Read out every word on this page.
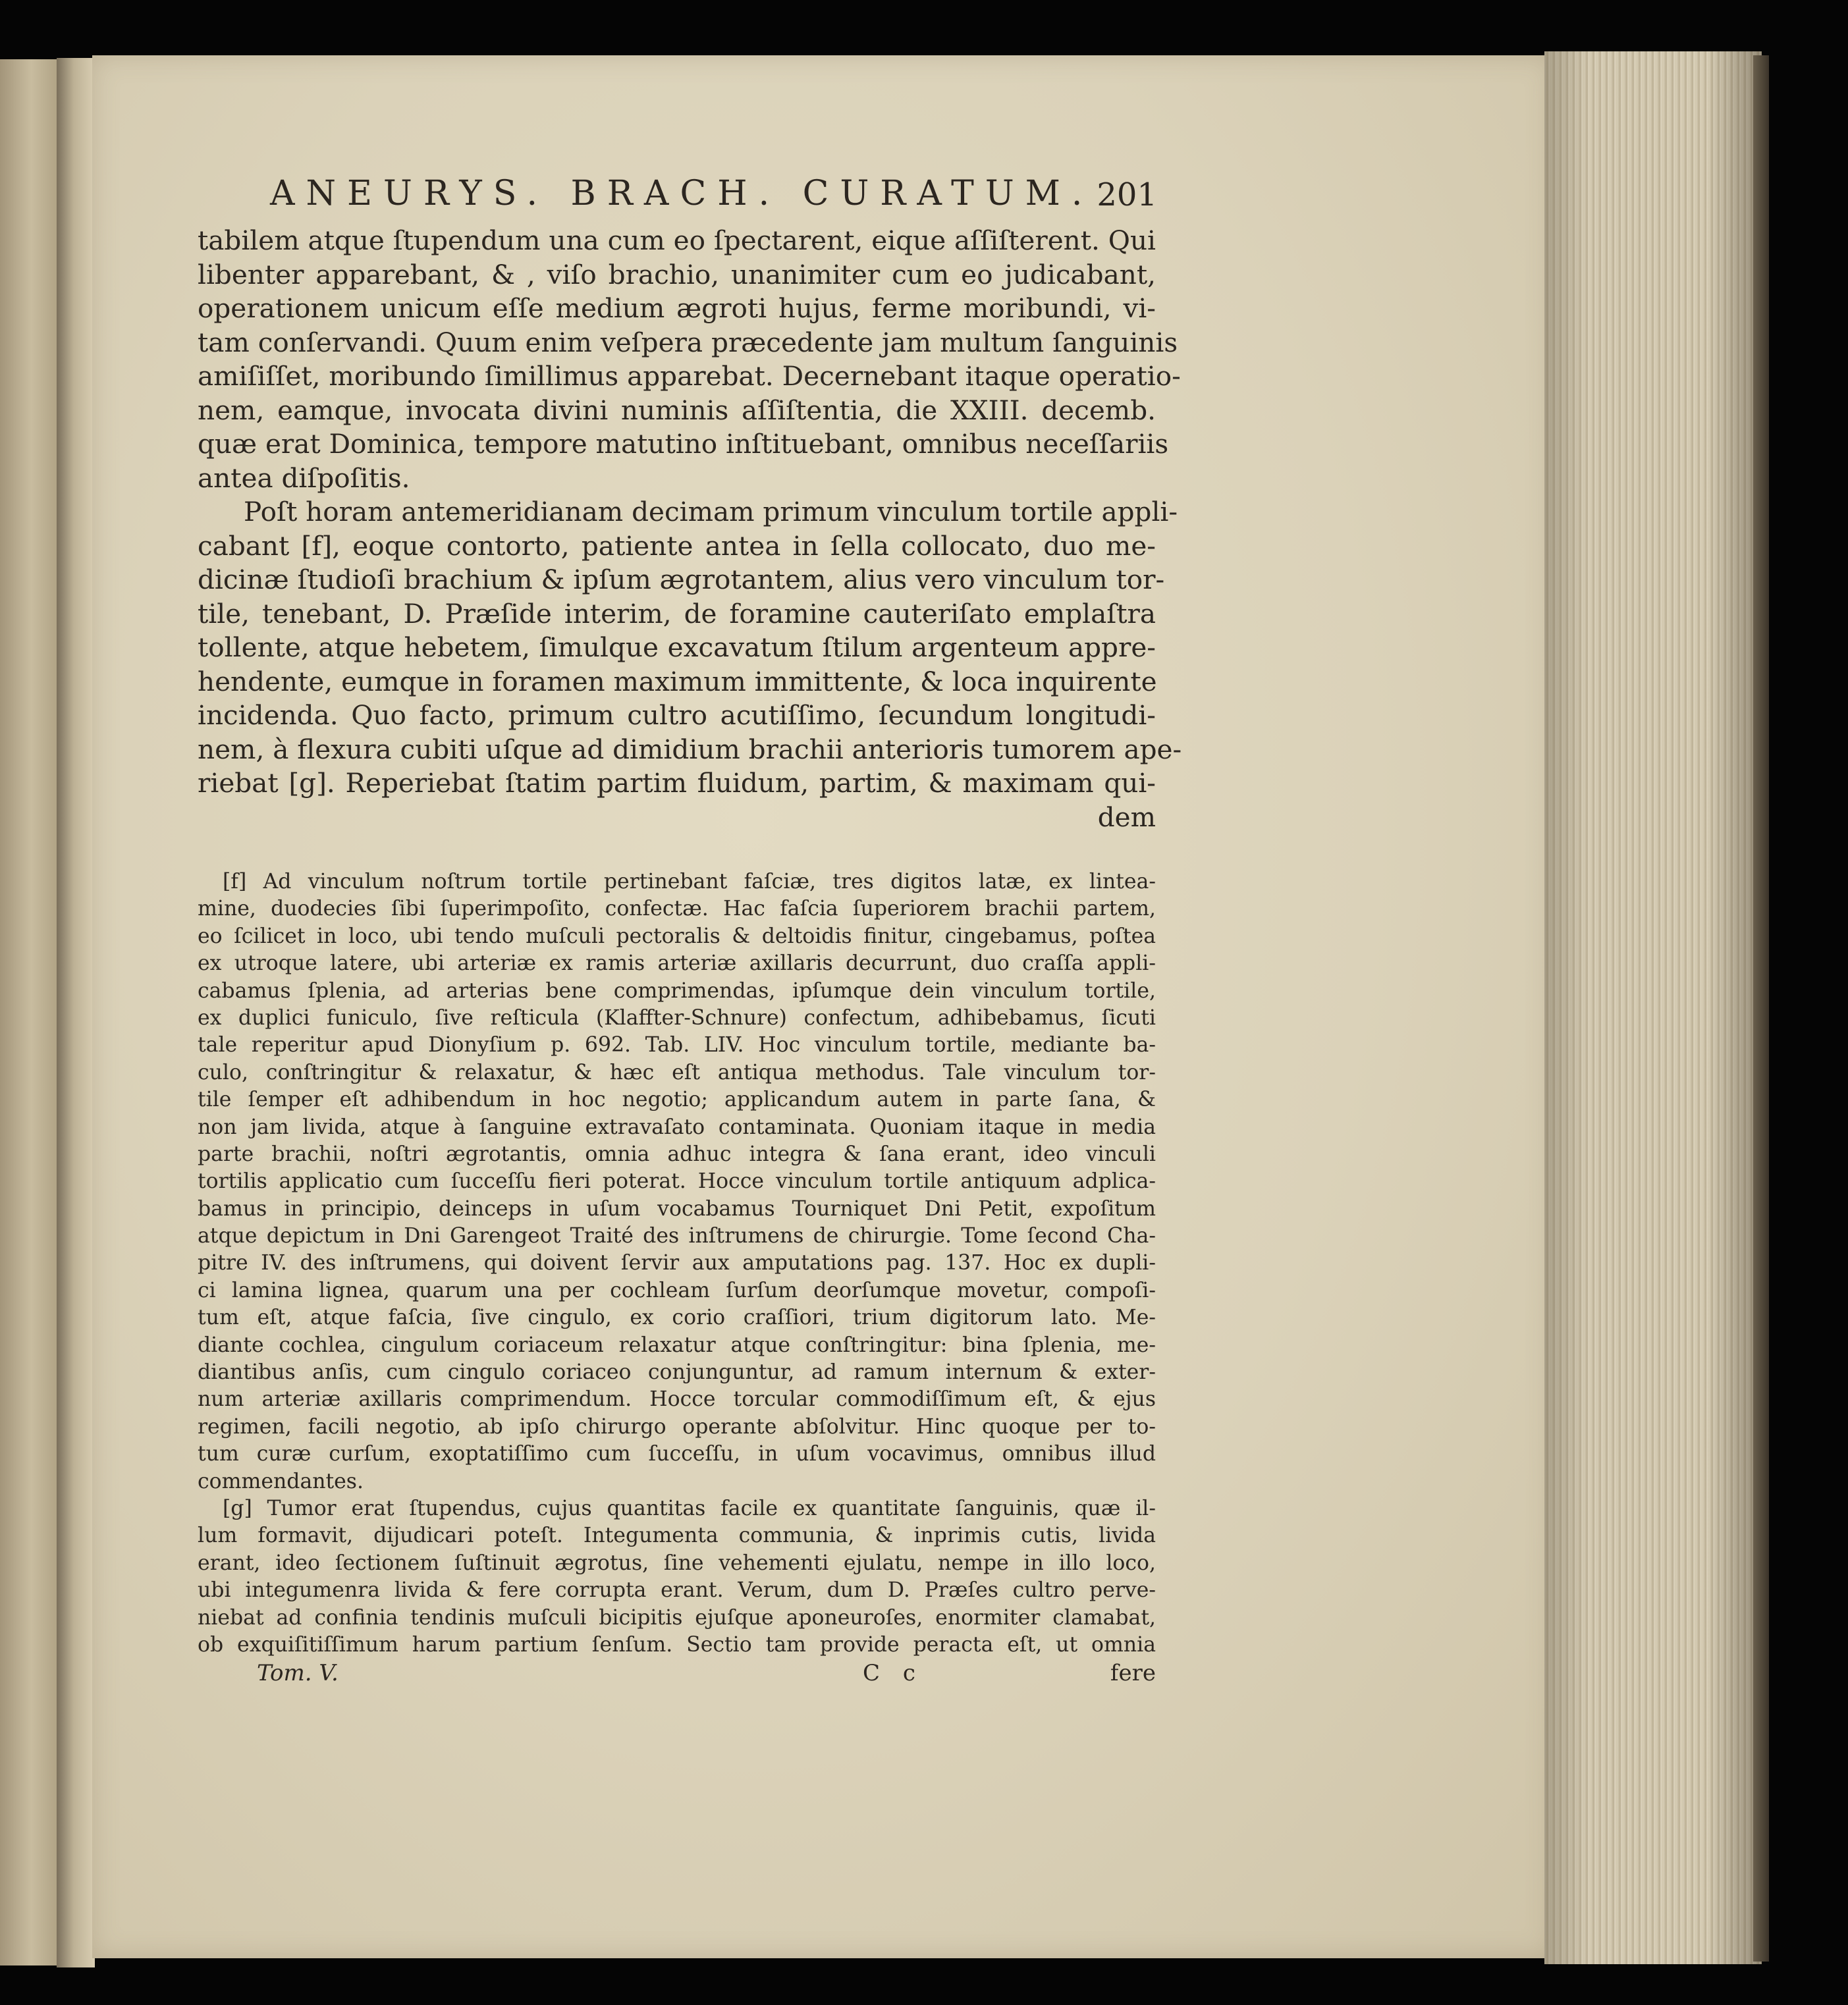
ANEURYS. BRACH. CURATUM. 201
tabilem atque ſtupendum una cum eo ſpectarent, eique aſſiſterent. Qui
libenter apparebant, & , viſo brachio, unanimiter cum eo judicabant,
operationem unicum eſſe medium ægroti hujus, ferme moribundi, vi-
tam conſervandi. Quum enim veſpera præcedente jam multum ſanguinis
amiſiſſet, moribundo ſimillimus apparebat. Decernebant itaque operatio-
nem, eamque, invocata divini numinis aſſiſtentia, die XXIII. decemb.
quæ erat Dominica, tempore matutino inſtituebant, omnibus neceſſariis
antea diſpoſitis.
Poſt horam antemeridianam decimam primum vinculum tortile appli-
cabant [f], eoque contorto, patiente antea in ſella collocato, duo me-
dicinæ ſtudioſi brachium & ipſum ægrotantem, alius vero vinculum tor-
tile, tenebant, D. Præſide interim, de foramine cauteriſato emplaſtra
tollente, atque hebetem, ſimulque excavatum ſtilum argenteum appre-
hendente, eumque in foramen maximum immittente, & loca inquirente
incidenda. Quo facto, primum cultro acutiſſimo, ſecundum longitudi-
nem, à flexura cubiti uſque ad dimidium brachii anterioris tumorem ape-
riebat [g]. Reperiebat ſtatim partim fluidum, partim, & maximam qui-
dem
[f] Ad vinculum noſtrum tortile pertinebant faſciæ, tres digitos latæ, ex lintea-
mine, duodecies ſibi ſuperimpoſito, confectæ. Hac faſcia ſuperiorem brachii partem,
eo ſcilicet in loco, ubi tendo muſculi pectoralis & deltoidis finitur, cingebamus, poſtea
ex utroque latere, ubi arteriæ ex ramis arteriæ axillaris decurrunt, duo craſſa appli-
cabamus ſplenia, ad arterias bene comprimendas, ipſumque dein vinculum tortile,
ex duplici funiculo, ſive reſticula (Klaffter-Schnure) confectum, adhibebamus, ſicuti
tale reperitur apud Dionyſium p. 692. Tab. LIV. Hoc vinculum tortile, mediante ba-
culo, conſtringitur & relaxatur, & hæc eſt antiqua methodus. Tale vinculum tor-
tile ſemper eſt adhibendum in hoc negotio; applicandum autem in parte ſana, &
non jam livida, atque à ſanguine extravaſato contaminata. Quoniam itaque in media
parte brachii, noſtri ægrotantis, omnia adhuc integra & ſana erant, ideo vinculi
tortilis applicatio cum ſucceſſu fieri poterat. Hocce vinculum tortile antiquum adplica-
bamus in principio, deinceps in uſum vocabamus Tourniquet Dni Petit, expoſitum
atque depictum in Dni Garengeot Traité des inſtrumens de chirurgie. Tome ſecond Cha-
pitre IV. des inſtrumens, qui doivent ſervir aux amputations pag. 137. Hoc ex dupli-
ci lamina lignea, quarum una per cochleam ſurſum deorſumque movetur, compoſi-
tum eſt, atque faſcia, ſive cingulo, ex corio craſſiori, trium digitorum lato. Me-
diante cochlea, cingulum coriaceum relaxatur atque conſtringitur: bina ſplenia, me-
diantibus anſis, cum cingulo coriaceo conjunguntur, ad ramum internum & exter-
num arteriæ axillaris comprimendum. Hocce torcular commodiſſimum eſt, & ejus
regimen, facili negotio, ab ipſo chirurgo operante abſolvitur. Hinc quoque per to-
tum curæ curſum, exoptatiſſimo cum ſucceſſu, in uſum vocavimus, omnibus illud
commendantes.
[g] Tumor erat ſtupendus, cujus quantitas facile ex quantitate ſanguinis, quæ il-
lum formavit, dijudicari poteſt. Integumenta communia, & inprimis cutis, livida
erant, ideo ſectionem ſuſtinuit ægrotus, ſine vehementi ejulatu, nempe in illo loco,
ubi integumenra livida & fere corrupta erant. Verum, dum D. Præſes cultro perve-
niebat ad confinia tendinis muſculi bicipitis ejuſque aponeuroſes, enormiter clamabat,
ob exquiſitiſſimum harum partium ſenſum. Sectio tam provide peracta eſt, ut omnia
Tom. V.	C c	fere
